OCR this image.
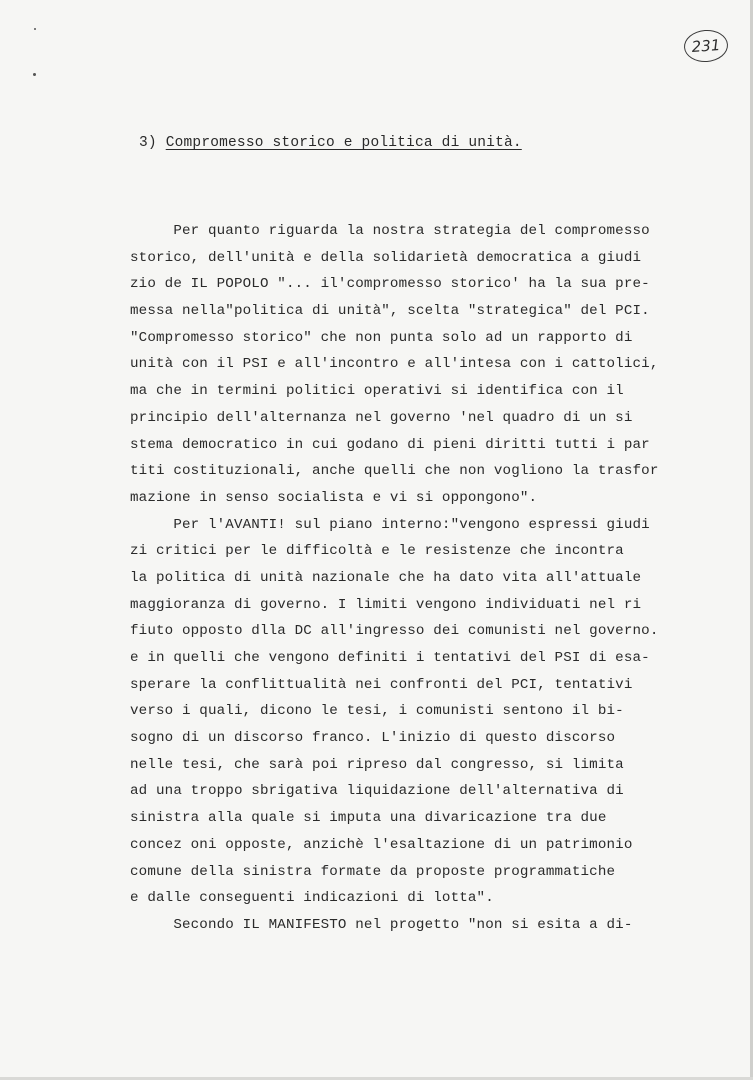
231
3) Compromesso storico e politica di unità.
Per quanto riguarda la nostra strategia del compromesso
storico, dell'unità e della solidarietà democratica a giudi
zio de IL POPOLO "... il'compromesso storico' ha la sua pre-
messa nella"politica di unità", scelta "strategica" del PCI.
"Compromesso storico" che non punta solo ad un rapporto di
unità con il PSI e all'incontro e all'intesa con i cattolici,
ma che in termini politici operativi si identifica con il
principio dell'alternanza nel governo 'nel quadro di un si
stema democratico in cui godano di pieni diritti tutti i par
titi costituzionali, anche quelli che non vogliono la trasfor
mazione in senso socialista e vi si oppongono".
Per l'AVANTI! sul piano interno:"vengono espressi giudi
zi critici per le difficoltà e le resistenze che incontra
la politica di unità nazionale che ha dato vita all'attuale
maggioranza di governo. I limiti vengono individuati nel ri
fiuto opposto dlla DC all'ingresso dei comunisti nel governo.
e in quelli che vengono definiti i tentativi del PSI di esa-
sperare la conflittualità nei confronti del PCI, tentativi
verso i quali, dicono le tesi, i comunisti sentono il bi-
sogno di un discorso franco. L'inizio di questo discorso
nelle tesi, che sarà poi ripreso dal congresso, si limita
ad una troppo sbrigativa liquidazione dell'alternativa di
sinistra alla quale si imputa una divaricazione tra due
concez oni opposte, anzichè l'esaltazione di un patrimonio
comune della sinistra formate da proposte programmatiche
e dalle conseguenti indicazioni di lotta".
Secondo IL MANIFESTO nel progetto "non si esita a di-
